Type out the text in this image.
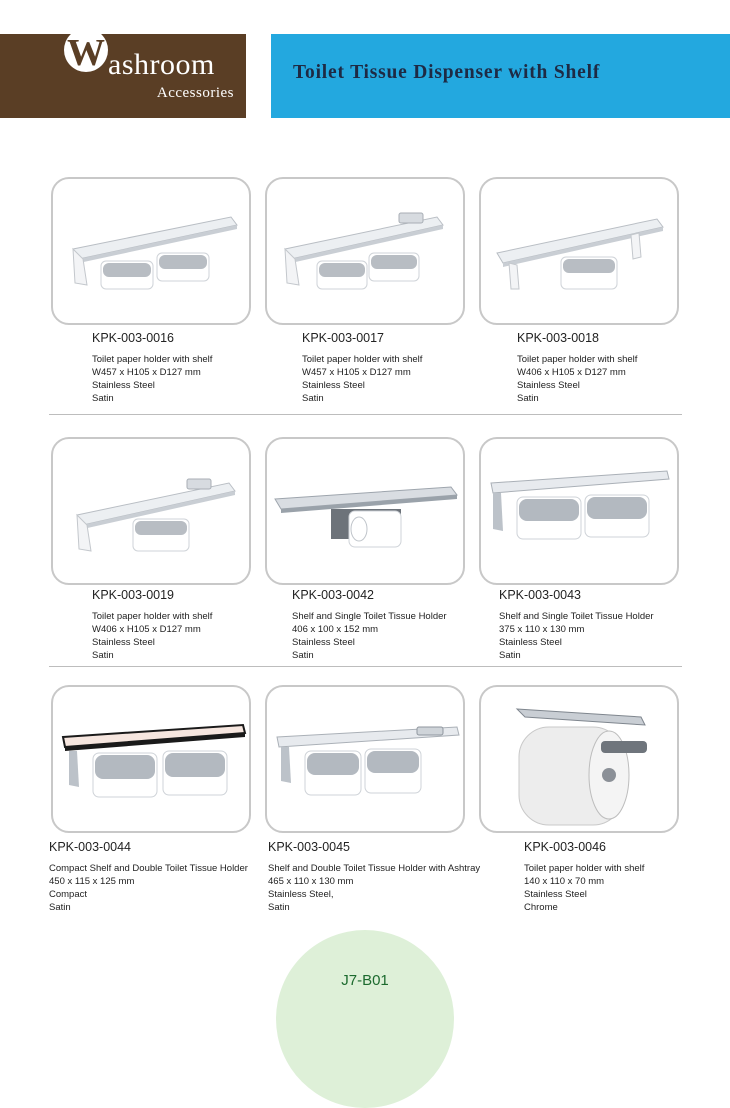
W ashroom
Accessories
Toilet Tissue Dispenser with Shelf
KPK-003-0016
Toilet paper holder with shelf
W457 x H105 x D127 mm
Stainless Steel
Satin
KPK-003-0017
Toilet paper holder with shelf
W457 x H105 x D127 mm
Stainless Steel
Satin
KPK-003-0018
Toilet paper holder with shelf
W406 x H105 x D127 mm
Stainless Steel
Satin
KPK-003-0019
Toilet paper holder with shelf
W406 x H105 x D127 mm
Stainless Steel
Satin
KPK-003-0042
Shelf and Single Toilet Tissue Holder
406 x 100 x 152 mm
Stainless Steel
Satin
KPK-003-0043
Shelf and Single Toilet Tissue Holder
375 x 110 x 130 mm
Stainless Steel
Satin
KPK-003-0044
Compact Shelf and Double Toilet Tissue Holder
450 x 115 x 125 mm
Compact
Satin
KPK-003-0045
Shelf and Double Toilet Tissue Holder with Ashtray
465 x 110 x 130 mm
Stainless Steel,
Satin
KPK-003-0046
Toilet paper holder with shelf
140 x 110 x 70 mm
Stainless Steel
Chrome
J7-B01
